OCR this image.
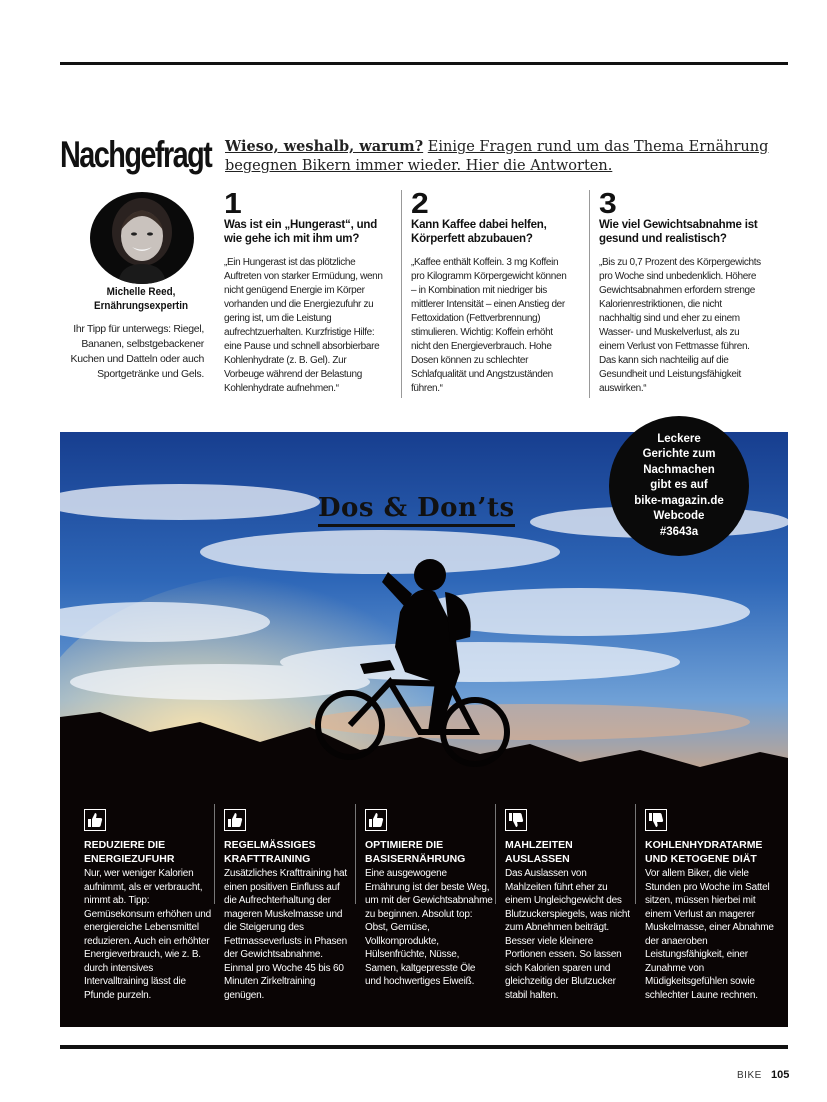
Nachgefragt Wieso, weshalb, warum? Einige Fragen rund um das Thema Ernährung begegnen Bikern immer wieder. Hier die Antworten.
Michelle Reed,
Ernährungsexpertin
Ihr Tipp für unterwegs: Riegel, Bananen, selbstgebackener Kuchen und Datteln oder auch Sportgetränke und Gels.
1
Was ist ein „Hungerast“, und wie gehe ich mit ihm um?
„Ein Hungerast ist das plötzliche Auftreten von starker Ermüdung, wenn nicht genügend Energie im Körper vorhanden und die Energiezufuhr zu gering ist, um die Leistung aufrechtzuerhalten. Kurzfristige Hilfe: eine Pause und schnell absorbierbare Kohlenhydrate (z. B. Gel). Zur Vorbeuge während der Belastung Kohlenhydrate aufnehmen.“
2
Kann Kaffee dabei helfen, Körperfett abzubauen?
„Kaffee enthält Koffein. 3 mg Koffein pro Kilogramm Körpergewicht können – in Kombination mit niedriger bis mittlerer Intensität – einen Anstieg der Fettoxidation (Fettverbrennung) stimulieren. Wichtig: Koffein erhöht nicht den Energieverbrauch. Hohe Dosen können zu schlechter Schlafqualität und Angstzuständen führen.“
3
Wie viel Gewichtsabnahme ist gesund und realistisch?
„Bis zu 0,7 Prozent des Körpergewichts pro Woche sind unbedenklich. Höhere Gewichtsabnahmen erfordern strenge Kalorienrestriktionen, die nicht nachhaltig sind und eher zu einem Wasser- und Muskelverlust, als zu einem Verlust von Fettmasse führen. Das kann sich nachteilig auf die Gesundheit und Leistungsfähigkeit auswirken.“
Dos & Don’ts
Leckere
Gerichte zum
Nachmachen
gibt es auf
bike-magazin.de
Webcode
#3643a
REDUZIERE DIE
ENERGIEZUFUHR
Nur, wer weniger Kalorien aufnimmt, als er verbraucht, nimmt ab. Tipp: Gemüsekonsum erhöhen und energiereiche Lebensmittel reduzieren. Auch ein erhöhter Energieverbrauch, wie z. B. durch intensives Intervalltraining lässt die Pfunde purzeln.
REGELMÄSSIGES
KRAFTTRAINING
Zusätzliches Krafttraining hat einen positiven Einfluss auf die Aufrechterhaltung der mageren Muskelmasse und die Steigerung des Fettmasseverlusts in Phasen der Gewichtsabnahme. Einmal pro Woche 45 bis 60 Minuten Zirkeltraining genügen.
OPTIMIERE DIE
BASISERNÄHRUNG
Eine ausgewogene Ernährung ist der beste Weg, um mit der Gewichtsabnahme zu beginnen. Absolut top: Obst, Gemüse, Vollkornprodukte, Hülsenfrüchte, Nüsse, Samen, kaltgepresste Öle und hochwertiges Eiweiß.
MAHLZEITEN
AUSLASSEN
Das Auslassen von Mahlzeiten führt eher zu einem Ungleichgewicht des Blutzuckerspiegels, was nicht zum Abnehmen beiträgt. Besser viele kleinere Portionen essen. So lassen sich Kalorien sparen und gleichzeitig der Blutzucker stabil halten.
KOHLENHYDRATARME
UND KETOGENE DIÄT
Vor allem Biker, die viele Stunden pro Woche im Sattel sitzen, müssen hierbei mit einem Verlust an magerer Muskelmasse, einer Abnahme der anaeroben Leistungsfähigkeit, einer Zunahme von Müdigkeitsgefühlen sowie schlechter Laune rechnen.
BIKE 105
